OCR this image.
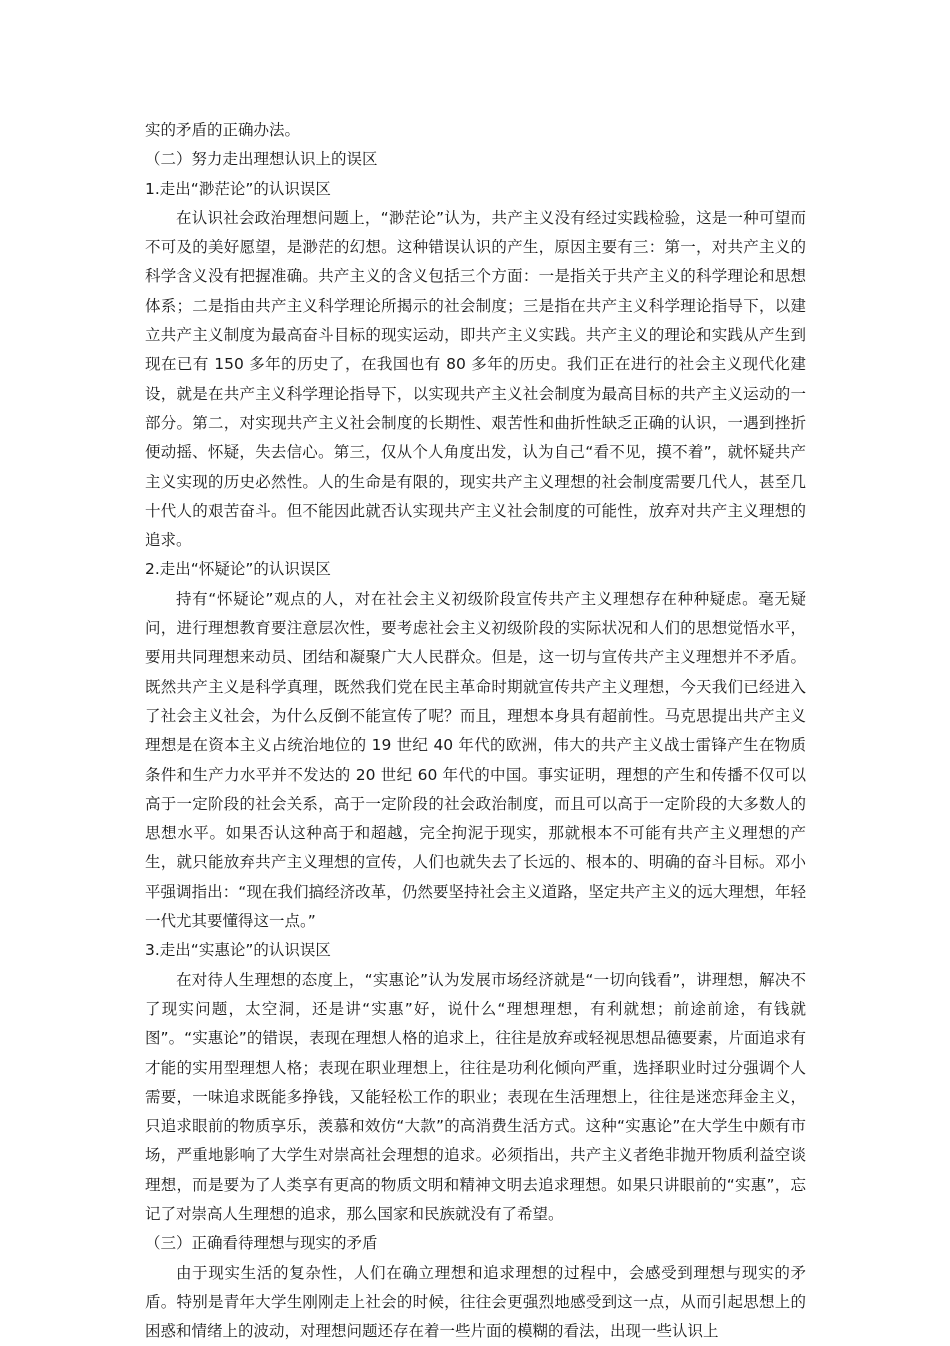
实的矛盾的正确办法。

（二）努力走出理想认识上的误区
1.走出“渺茫论”的认识误区

在认识社会政治理想问题上，“渺茫论”认为，共产主义没有经过实践检验，这是一种可望而不可及的美好愿望，是渺茫的幻想。这种错误认识的产生，原因主要有三：第一，对共产主义的科学含义没有把握准确。共产主义的含义包括三个方面：一是指关于共产主义的科学理论和思想体系；二是指由共产主义科学理论所揭示的社会制度；三是指在共产主义科学理论指导下，以建立共产主义制度为最高奋斗目标的现实运动，即共产主义实践。共产主义的理论和实践从产生到现在已有 150 多年的历史了，在我国也有 80 多年的历史。我们正在进行的社会主义现代化建设，就是在共产主义科学理论指导下，以实现共产主义社会制度为最高目标的共产主义运动的一部分。第二，对实现共产主义社会制度的长期性、艰苦性和曲折性缺乏正确的认识，一遇到挫折便动摇、怀疑，失去信心。第三，仅从个人角度出发，认为自己“看不见，摸不着”，就怀疑共产主义实现的历史必然性。人的生命是有限的，现实共产主义理想的社会制度需要几代人，甚至几十代人的艰苦奋斗。但不能因此就否认实现共产主义社会制度的可能性，放弃对共产主义理想的追求。

2.走出“怀疑论”的认识误区

持有“怀疑论”观点的人，对在社会主义初级阶段宣传共产主义理想存在种种疑虑。毫无疑问，进行理想教育要注意层次性，要考虑社会主义初级阶段的实际状况和人们的思想觉悟水平，要用共同理想来动员、团结和凝聚广大人民群众。但是，这一切与宣传共产主义理想并不矛盾。既然共产主义是科学真理，既然我们党在民主革命时期就宣传共产主义理想，今天我们已经进入了社会主义社会，为什么反倒不能宣传了呢？而且，理想本身具有超前性。马克思提出共产主义理想是在资本主义占统治地位的 19 世纪 40 年代的欧洲，伟大的共产主义战士雷锋产生在物质条件和生产力水平并不发达的 20 世纪 60 年代的中国。事实证明，理想的产生和传播不仅可以高于一定阶段的社会关系，高于一定阶段的社会政治制度，而且可以高于一定阶段的大多数人的思想水平。如果否认这种高于和超越，完全拘泥于现实，那就根本不可能有共产主义理想的产生，就只能放弃共产主义理想的宣传，人们也就失去了长远的、根本的、明确的奋斗目标。邓小平强调指出：“现在我们搞经济改革，仍然要坚持社会主义道路，坚定共产主义的远大理想，年轻一代尤其要懂得这一点。”

3.走出“实惠论”的认识误区

在对待人生理想的态度上，“实惠论”认为发展市场经济就是“一切向钱看”，讲理想，解决不了现实问题，太空洞，还是讲“实惠”好，说什么“理想理想，有利就想；前途前途，有钱就图”。“实惠论”的错误，表现在理想人格的追求上，往往是放弃或轻视思想品德要素，片面追求有才能的实用型理想人格；表现在职业理想上，往往是功利化倾向严重，选择职业时过分强调个人需要，一味追求既能多挣钱，又能轻松工作的职业；表现在生活理想上，往往是迷恋拜金主义，只追求眼前的物质享乐，羡慕和效仿“大款”的高消费生活方式。这种“实惠论”在大学生中颇有市场，严重地影响了大学生对崇高社会理想的追求。必须指出，共产主义者绝非抛开物质利益空谈理想，而是要为了人类享有更高的物质文明和精神文明去追求理想。如果只讲眼前的“实惠”，忘记了对崇高人生理想的追求，那么国家和民族就没有了希望。

（三）正确看待理想与现实的矛盾

由于现实生活的复杂性，人们在确立理想和追求理想的过程中，会感受到理想与现实的矛盾。特别是青年大学生刚刚走上社会的时候，往往会更强烈地感受到这一点，从而引起思想上的困惑和情绪上的波动，对理想问题还存在着一些片面的模糊的看法，出现一些认识上
